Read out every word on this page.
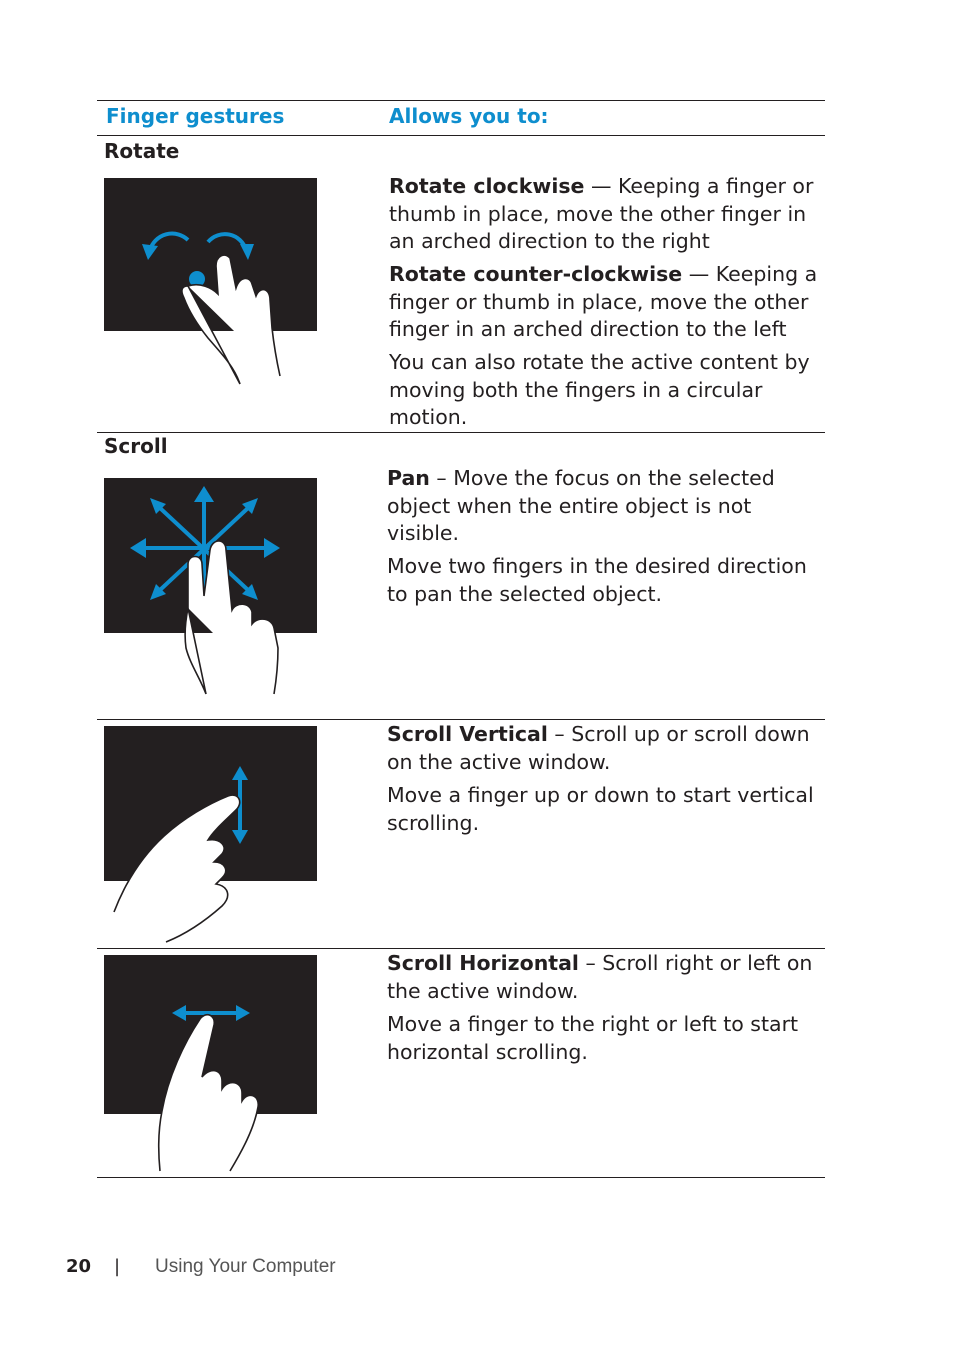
Finger gestures	Allows you to:
Rotate

Rotate clockwise — Keeping a finger or thumb in place, move the other finger in an arched direction to the right

Rotate counter-clockwise — Keeping a finger or thumb in place, move the other finger in an arched direction to the left

You can also rotate the active content by moving both the fingers in a circular motion.

Scroll

Pan – Move the focus on the selected object when the entire object is not visible.

Move two fingers in the desired direction to pan the selected object.

Scroll Vertical – Scroll up or scroll down on the active window.

Move a finger up or down to start vertical scrolling.

Scroll Horizontal – Scroll right or left on the active window.

Move a finger to the right or left to start horizontal scrolling.

20 | Using Your Computer
